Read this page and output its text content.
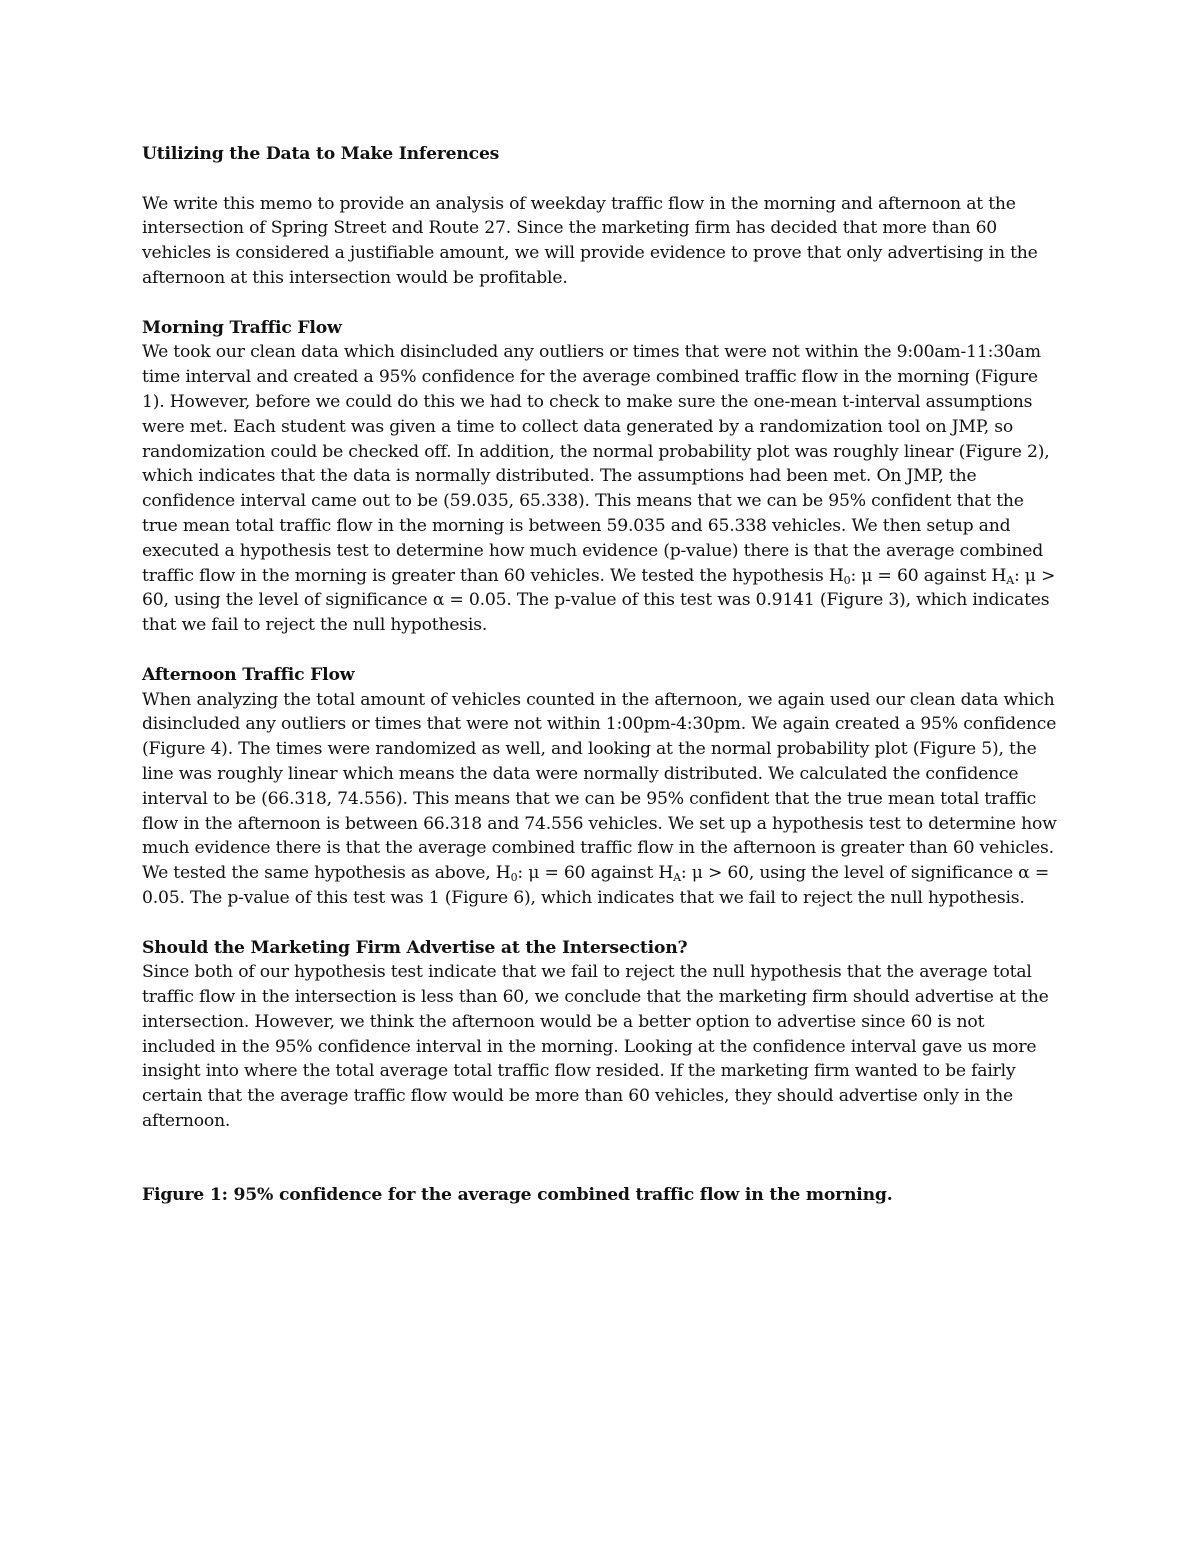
Utilizing the Data to Make Inferences

We write this memo to provide an analysis of weekday traffic flow in the morning and afternoon at the intersection of Spring Street and Route 27. Since the marketing firm has decided that more than 60 vehicles is considered a justifiable amount, we will provide evidence to prove that only advertising in the afternoon at this intersection would be profitable.

Morning Traffic Flow

We took our clean data which disincluded any outliers or times that were not within the 9:00am-11:30am time interval and created a 95% confidence for the average combined traffic flow in the morning (Figure 1). However, before we could do this we had to check to make sure the one-mean t-interval assumptions were met. Each student was given a time to collect data generated by a randomization tool on JMP, so randomization could be checked off. In addition, the normal probability plot was roughly linear (Figure 2), which indicates that the data is normally distributed. The assumptions had been met. On JMP, the confidence interval came out to be (59.035, 65.338). This means that we can be 95% confident that the true mean total traffic flow in the morning is between 59.035 and 65.338 vehicles. We then setup and executed a hypothesis test to determine how much evidence (p-value) there is that the average combined traffic flow in the morning is greater than 60 vehicles. We tested the hypothesis $H_0$: μ = 60 against $H_A$: μ > 60, using the level of significance α = 0.05. The p-value of this test was 0.9141 (Figure 3), which indicates that we fail to reject the null hypothesis.

Afternoon Traffic Flow

When analyzing the total amount of vehicles counted in the afternoon, we again used our clean data which disincluded any outliers or times that were not within 1:00pm-4:30pm. We again created a 95% confidence (Figure 4). The times were randomized as well, and looking at the normal probability plot (Figure 5), the line was roughly linear which means the data were normally distributed. We calculated the confidence interval to be (66.318, 74.556). This means that we can be 95% confident that the true mean total traffic flow in the afternoon is between 66.318 and 74.556 vehicles. We set up a hypothesis test to determine how much evidence there is that the average combined traffic flow in the afternoon is greater than 60 vehicles. We tested the same hypothesis as above, $H_0$: μ = 60 against $H_A$: μ > 60, using the level of significance α = 0.05. The p-value of this test was 1 (Figure 6), which indicates that we fail to reject the null hypothesis.

Should the Marketing Firm Advertise at the Intersection?

Since both of our hypothesis test indicate that we fail to reject the null hypothesis that the average total traffic flow in the intersection is less than 60, we conclude that the marketing firm should advertise at the intersection. However, we think the afternoon would be a better option to advertise since 60 is not included in the 95% confidence interval in the morning. Looking at the confidence interval gave us more insight into where the total average total traffic flow resided. If the marketing firm wanted to be fairly certain that the average traffic flow would be more than 60 vehicles, they should advertise only in the afternoon.

Figure 1: 95% confidence for the average combined traffic flow in the morning.
